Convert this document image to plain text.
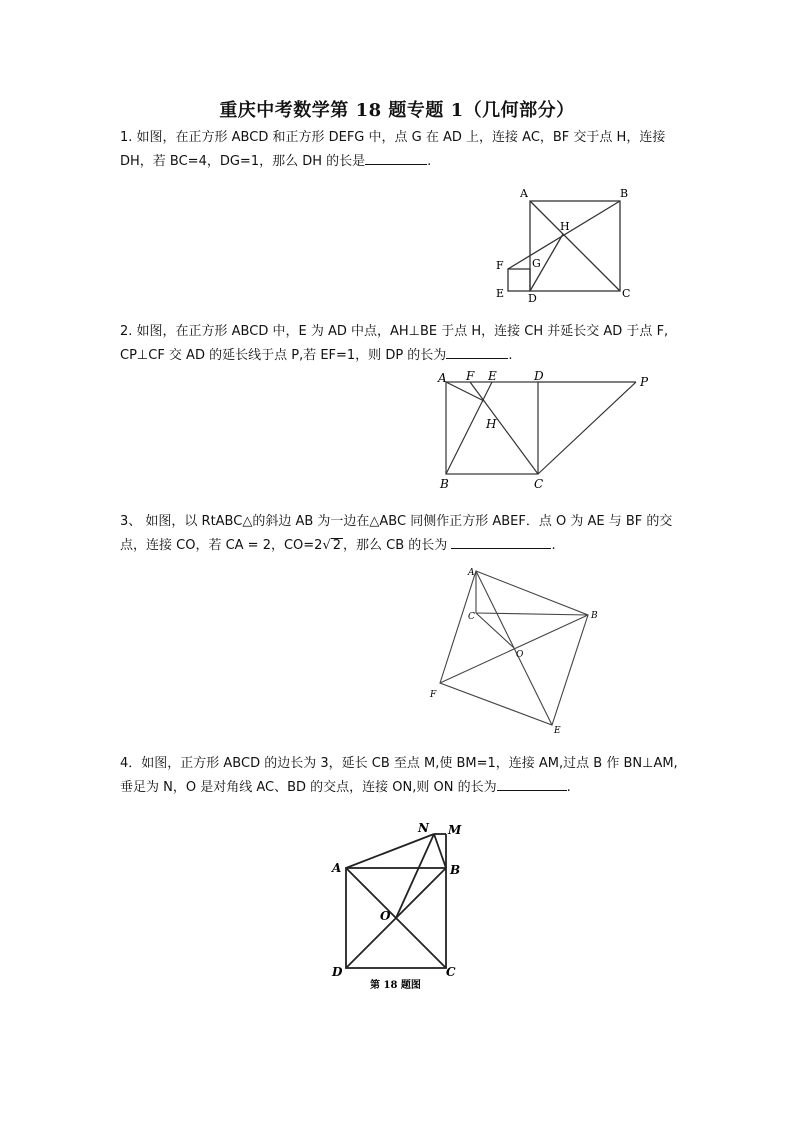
重庆中考数学第 18 题专题 1（几何部分）
1. 如图，在正方形 ABCD 和正方形 DEFG 中，点 G 在 AD 上，连接 AC，BF 交于点 H，连接 DH，若 BC=4，DG=1，那么 DH 的长是	.
A	B
H
F	G
E D	C
2. 如图，在正方形 ABCD 中，E 为 AD 中点，AH⊥BE 于点 H，连接 CH 并延长交 AD 于点 F, CP⊥CF 交 AD 的延长线于点 P,若 EF=1，则 DP 的长为	.
A F E	D	P
H
B	C
3、 如图，以 RtABC△的斜边 AB 为一边在△ABC 同侧作正方形 ABEF．点 O 为 AE 与 BF 的交点，连接 CO，若 CA = 2，CO=2√ 2 ，那么 CB 的长为	.
A
C	B
O
F
E
4．如图，正方形 ABCD 的边长为 3，延长 CB 至点 M,使 BM=1，连接 AM,过点 B 作 BN⊥AM,垂足为 N，O 是对角线 AC、BD 的交点，连接 ON,则 ON 的长为	.
N M
A	B
O
D	C
第 18 题图
